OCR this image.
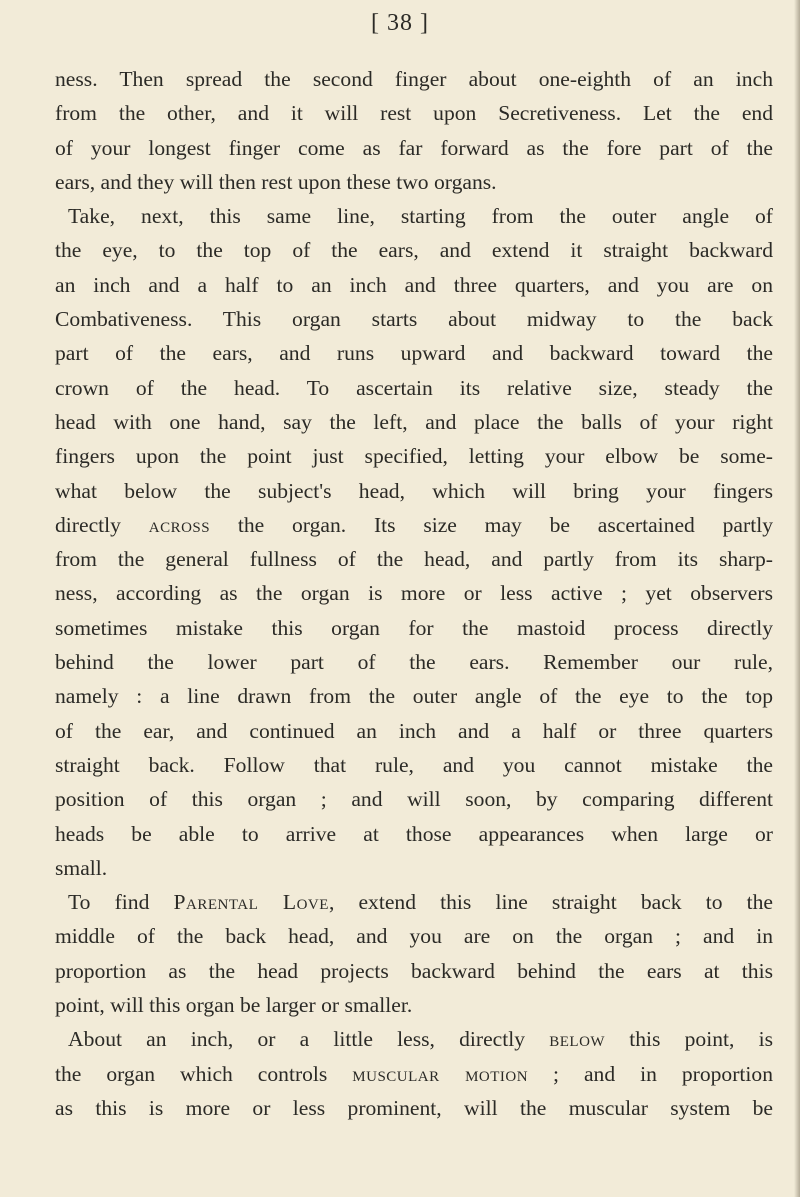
[ 38 ]
ness. Then spread the second finger about one-eighth of an inch
from the other, and it will rest upon Secretiveness. Let the end
of your longest finger come as far forward as the fore part of the
ears, and they will then rest upon these two organs.
Take, next, this same line, starting from the outer angle of
the eye, to the top of the ears, and extend it straight backward
an inch and a half to an inch and three quarters, and you are on
Combativeness. This organ starts about midway to the back
part of the ears, and runs upward and backward toward the
crown of the head. To ascertain its relative size, steady the
head with one hand, say the left, and place the balls of your right
fingers upon the point just specified, letting your elbow be some-
what below the subject's head, which will bring your fingers
directly across the organ. Its size may be ascertained partly
from the general fullness of the head, and partly from its sharp-
ness, according as the organ is more or less active ; yet observers
sometimes mistake this organ for the mastoid process directly
behind the lower part of the ears. Remember our rule,
namely : a line drawn from the outer angle of the eye to the top
of the ear, and continued an inch and a half or three quarters
straight back. Follow that rule, and you cannot mistake the
position of this organ ; and will soon, by comparing different
heads be able to arrive at those appearances when large or
small.
To find Parental Love, extend this line straight back to the
middle of the back head, and you are on the organ ; and in
proportion as the head projects backward behind the ears at this
point, will this organ be larger or smaller.
About an inch, or a little less, directly below this point, is
the organ which controls muscular motion ; and in proportion
as this is more or less prominent, will the muscular system be
